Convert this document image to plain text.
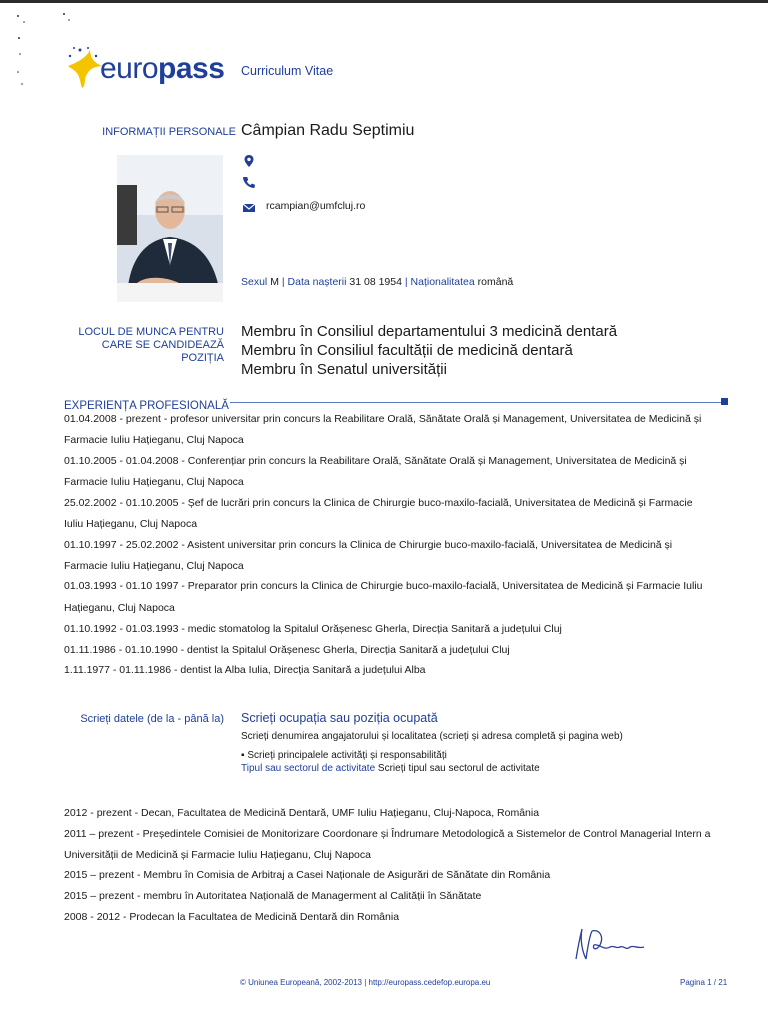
europass Curriculum Vitae
INFORMAȚII PERSONALE Câmpian Radu Septimiu
rcampian@umfcluj.ro
Sexul M | Data nașterii 31 08 1954 | Naționalitatea română
LOCUL DE MUNCA PENTRU
CARE SE CANDIDEAZĂ
POZIȚIA
Membru în Consiliul departamentului 3 medicină dentară
Membru în Consiliul facultății de medicină dentară
Membru în Senatul universității
EXPERIENȚA PROFESIONALĂ
01.04.2008 - prezent - profesor universitar prin concurs la Reabilitare Orală, Sănătate Orală și Management, Universitatea de Medicină și
Farmacie Iuliu Hațieganu, Cluj Napoca
01.10.2005 - 01.04.2008 - Conferențiar prin concurs la Reabilitare Orală, Sănătate Orală și Management, Universitatea de Medicină și
Farmacie Iuliu Hațieganu, Cluj Napoca
25.02.2002 - 01.10.2005 - Șef de lucrări prin concurs la Clinica de Chirurgie buco-maxilo-facială, Universitatea de Medicină și Farmacie
Iuliu Hațieganu, Cluj Napoca
01.10.1997 - 25.02.2002 - Asistent universitar prin concurs la Clinica de Chirurgie buco-maxilo-facială, Universitatea de Medicină și
Farmacie Iuliu Hațieganu, Cluj Napoca
01.03.1993 - 01.10 1997 - Preparator prin concurs la Clinica de Chirurgie buco-maxilo-facială, Universitatea de Medicină și Farmacie Iuliu
Hațieganu, Cluj Napoca
01.10.1992 - 01.03.1993 - medic stomatolog la Spitalul Orășenesc Gherla, Direcția Sanitară a județului Cluj
01.11.1986 - 01.10.1990 - dentist la Spitalul Orășenesc Gherla, Direcția Sanitară a județului Cluj
1.11.1977 - 01.11.1986 - dentist la Alba Iulia, Direcția Sanitară a județului Alba
Scrieți datele (de la - până la) Scrieți ocupația sau poziția ocupată
Scrieți denumirea angajatorului și localitatea (scrieți și adresa completă și pagina web)
▪ Scrieți principalele activități și responsabilități
Tipul sau sectorul de activitate Scrieți tipul sau sectorul de activitate
2012 - prezent - Decan, Facultatea de Medicină Dentară, UMF Iuliu Hațieganu, Cluj-Napoca, România
2011 – prezent - Președintele Comisiei de Monitorizare Coordonare și Îndrumare Metodologică a Sistemelor de Control Managerial Intern a
Universității de Medicină și Farmacie Iuliu Hațieganu, Cluj Napoca
2015 – prezent - Membru în Comisia de Arbitraj a Casei Naționale de Asigurări de Sănătate din România
2015 – prezent - membru în Autoritatea Națională de Managerment al Calității în Sănătate
2008 - 2012 - Prodecan la Facultatea de Medicină Dentară din România
© Uniunea Europeană, 2002-2013 | http://europass.cedefop.europa.eu	Pagina 1 / 21
